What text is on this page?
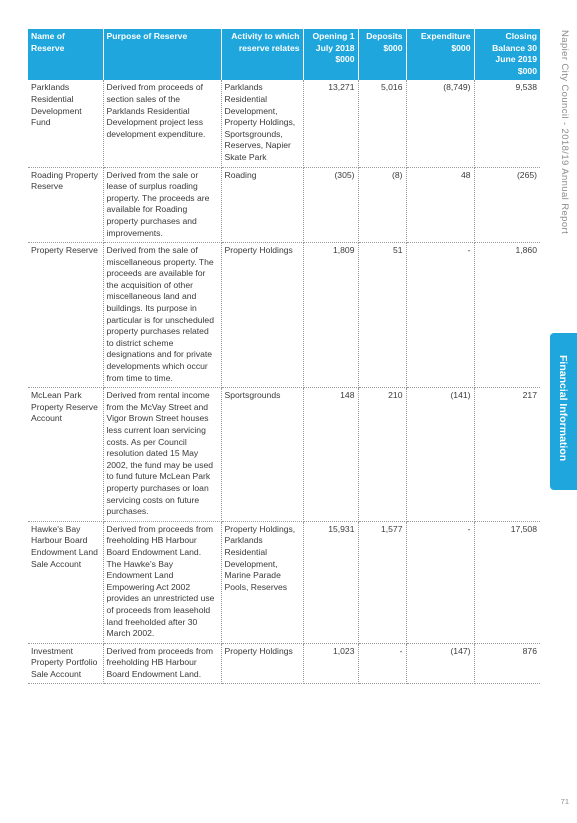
Name of Reserve	Purpose of Reserve	Activity to which reserve relates	Opening 1 July 2018 $000	Deposits $000	Expenditure $000	Closing Balance 30 June 2019 $000
Parklands Residential Development Fund	Derived from proceeds of section sales of the Parklands Residential Development project less development expenditure.	Parklands Residential Development, Property Holdings, Sportsgrounds, Reserves, Napier Skate Park	13,271	5,016	(8,749)	9,538
Roading Property Reserve	Derived from the sale or lease of surplus roading property. The proceeds are available for Roading property purchases and improvements.	Roading	(305)	(8)	48	(265)
Property Reserve	Derived from the sale of miscellaneous property. The proceeds are available for the acquisition of other miscellaneous land and buildings. Its purpose in particular is for unscheduled property purchases related to district scheme designations and for private developments which occur from time to time.	Property Holdings	1,809	51	-	1,860
McLean Park Property Reserve Account	Derived from rental income from the McVay Street and Vigor Brown Street houses less current loan servicing costs. As per Council resolution dated 15 May 2002, the fund may be used to fund future McLean Park property purchases or loan servicing costs on future purchases.	Sportsgrounds	148	210	(141)	217
Hawke's Bay Harbour Board Endowment Land Sale Account	Derived from proceeds from freeholding HB Harbour Board Endowment Land. The Hawke's Bay Endowment Land Empowering Act 2002 provides an unrestricted use of proceeds from leasehold land freeholded after 30 March 2002.	Property Holdings, Parklands Residential Development, Marine Parade Pools, Reserves	15,931	1,577	-	17,508
Investment Property Portfolio Sale Account	Derived from proceeds from freeholding HB Harbour Board Endowment Land.	Property Holdings	1,023	-	(147)	876
Napier City Council - 2018/19 Annual Report
Financial Information
71
